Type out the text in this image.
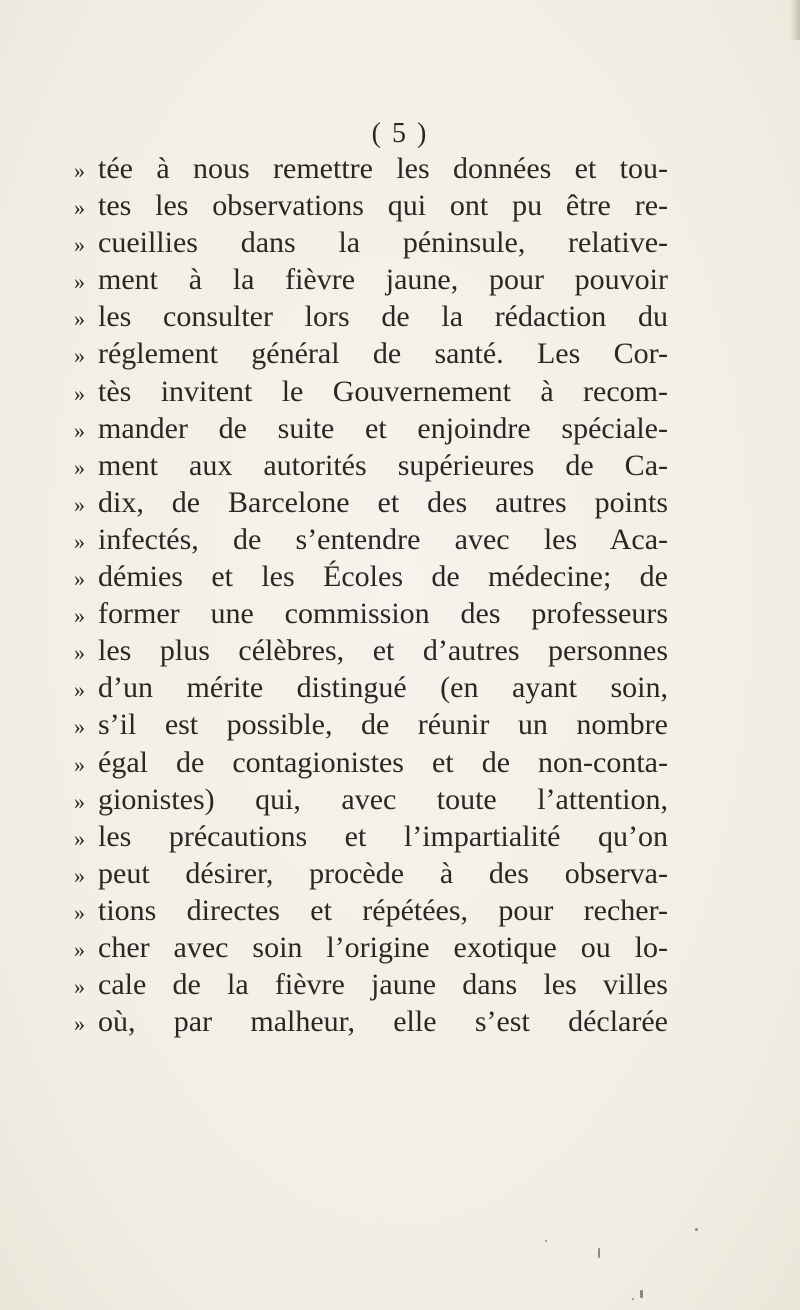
( 5 )
» tée à nous remettre les données et tou-
» tes les observations qui ont pu être re-
» cueillies dans la péninsule, relative-
» ment à la fièvre jaune, pour pouvoir
» les consulter lors de la rédaction du
» réglement général de santé. Les Cor-
» tès invitent le Gouvernement à recom-
» mander de suite et enjoindre spéciale-
» ment aux autorités supérieures de Ca-
» dix, de Barcelone et des autres points
» infectés, de s’entendre avec les Aca-
» démies et les Écoles de médecine; de
» former une commission des professeurs
» les plus célèbres, et d’autres personnes
» d’un mérite distingué (en ayant soin,
» s’il est possible, de réunir un nombre
» égal de contagionistes et de non-conta-
» gionistes) qui, avec toute l’attention,
» les précautions et l’impartialité qu’on
» peut désirer, procède à des observa-
» tions directes et répétées, pour recher-
» cher avec soin l’origine exotique ou lo-
» cale de la fièvre jaune dans les villes
» où, par malheur, elle s’est déclarée
